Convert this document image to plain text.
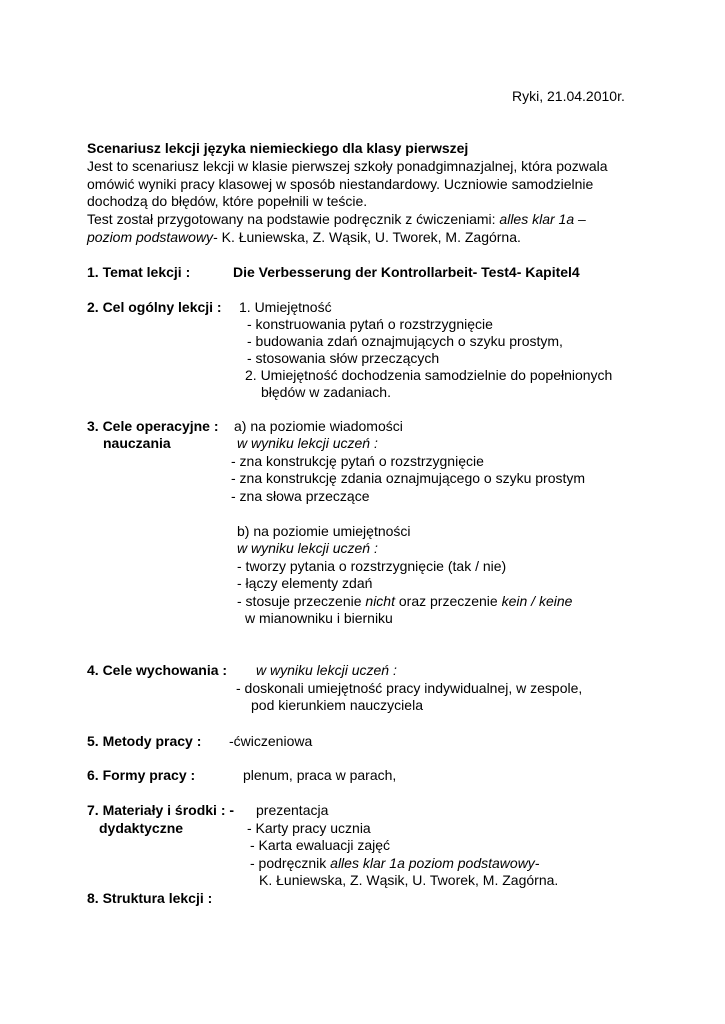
Ryki, 21.04.2010r.
Scenariusz lekcji języka niemieckiego dla klasy pierwszej
Jest to scenariusz lekcji w klasie pierwszej szkoły ponadgimnazjalnej, która pozwala
omówić wyniki pracy klasowej w sposób niestandardowy. Uczniowie samodzielnie
dochodzą do błędów, które popełnili w teście.
Test został przygotowany na podstawie podręcznik z ćwiczeniami: alles klar 1a –
poziom podstawowy- K. Łuniewska, Z. Wąsik, U. Tworek, M. Zagórna.
1. Temat lekcji :	Die Verbesserung der Kontrollarbeit- Test4- Kapitel4
2. Cel ogólny lekcji : 1. Umiejętność
- konstruowania pytań o rozstrzygnięcie
- budowania zdań oznajmujących o szyku prostym,
- stosowania słów przeczących
2. Umiejętność dochodzenia samodzielnie do popełnionych
błędów w zadaniach.
3. Cele operacyjne :
nauczania
a) na poziomie wiadomości
w wyniku lekcji uczeń :
- zna konstrukcję pytań o rozstrzygnięcie
- zna konstrukcję zdania oznajmującego o szyku prostym
- zna słowa przeczące
b) na poziomie umiejętności
w wyniku lekcji uczeń :
- tworzy pytania o rozstrzygnięcie (tak / nie)
- łączy elementy zdań
- stosuje przeczenie nicht oraz przeczenie kein / keine
w mianowniku i bierniku
4. Cele wychowania : w wyniku lekcji uczeń :
- doskonali umiejętność pracy indywidualnej, w zespole,
pod kierunkiem nauczyciela
5. Metody pracy : -ćwiczeniowa
6. Formy pracy :	plenum, praca w parach,
7. Materiały i środki : -
dydaktyczne
prezentacja
- Karty pracy ucznia
- Karta ewaluacji zajęć
- podręcznik alles klar 1a poziom podstawowy-
K. Łuniewska, Z. Wąsik, U. Tworek, M. Zagórna.
8. Struktura lekcji :
